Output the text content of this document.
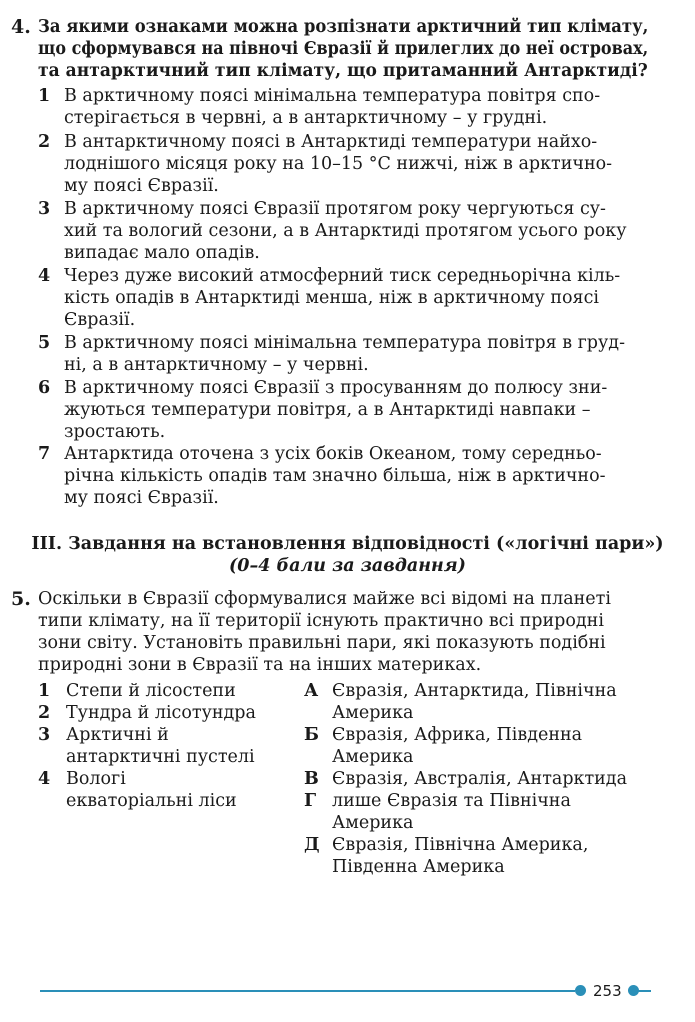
4. За якими ознаками можна розпізнати арктичний тип клімату,
що сформувався на півночі Євразії й прилеглих до неї островах,
та антарктичний тип клімату, що притаманний Антарктиді?
1 В арктичному поясі мінімальна температура повітря спо-
стерігається в червні, а в антарктичному – у грудні.
2 В антарктичному поясі в Антарктиді температури найхо-
лоднішого місяця року на 10–15 °С нижчі, ніж в арктично-
му поясі Євразії.
3 В арктичному поясі Євразії протягом року чергуються су-
хий та вологий сезони, а в Антарктиді протягом усього року
випадає мало опадів.
4 Через дуже високий атмосферний тиск середньорічна кіль-
кість опадів в Антарктиді менша, ніж в арктичному поясі
Євразії.
5 В арктичному поясі мінімальна температура повітря в груд-
ні, а в антарктичному – у червні.
6 В арктичному поясі Євразії з просуванням до полюсу зни-
жуються температури повітря, а в Антарктиді навпаки –
зростають.
7 Антарктида оточена з усіх боків Океаном, тому середньо-
річна кількість опадів там значно більша, ніж в арктично-
му поясі Євразії.
ІІІ. Завдання на встановлення відповідності («логічні пари»)
(0–4 бали за завдання)
5. Оскільки в Євразії сформувалися майже всі відомі на планеті
типи клімату, на її території існують практично всі природні
зони світу. Установіть правильні пари, які показують подібні
природні зони в Євразії та на інших материках.
1 Степи й лісостепи
2 Тундра й лісотундра
3 Арктичні й
антарктичні пустелі
4 Вологі
екваторіальні ліси
А Євразія, Антарктида, Північна
Америка
Б Євразія, Африка, Південна
Америка
В Євразія, Австралія, Антарктида
Г лише Євразія та Північна
Америка
Д Євразія, Північна Америка,
Південна Америка
253
